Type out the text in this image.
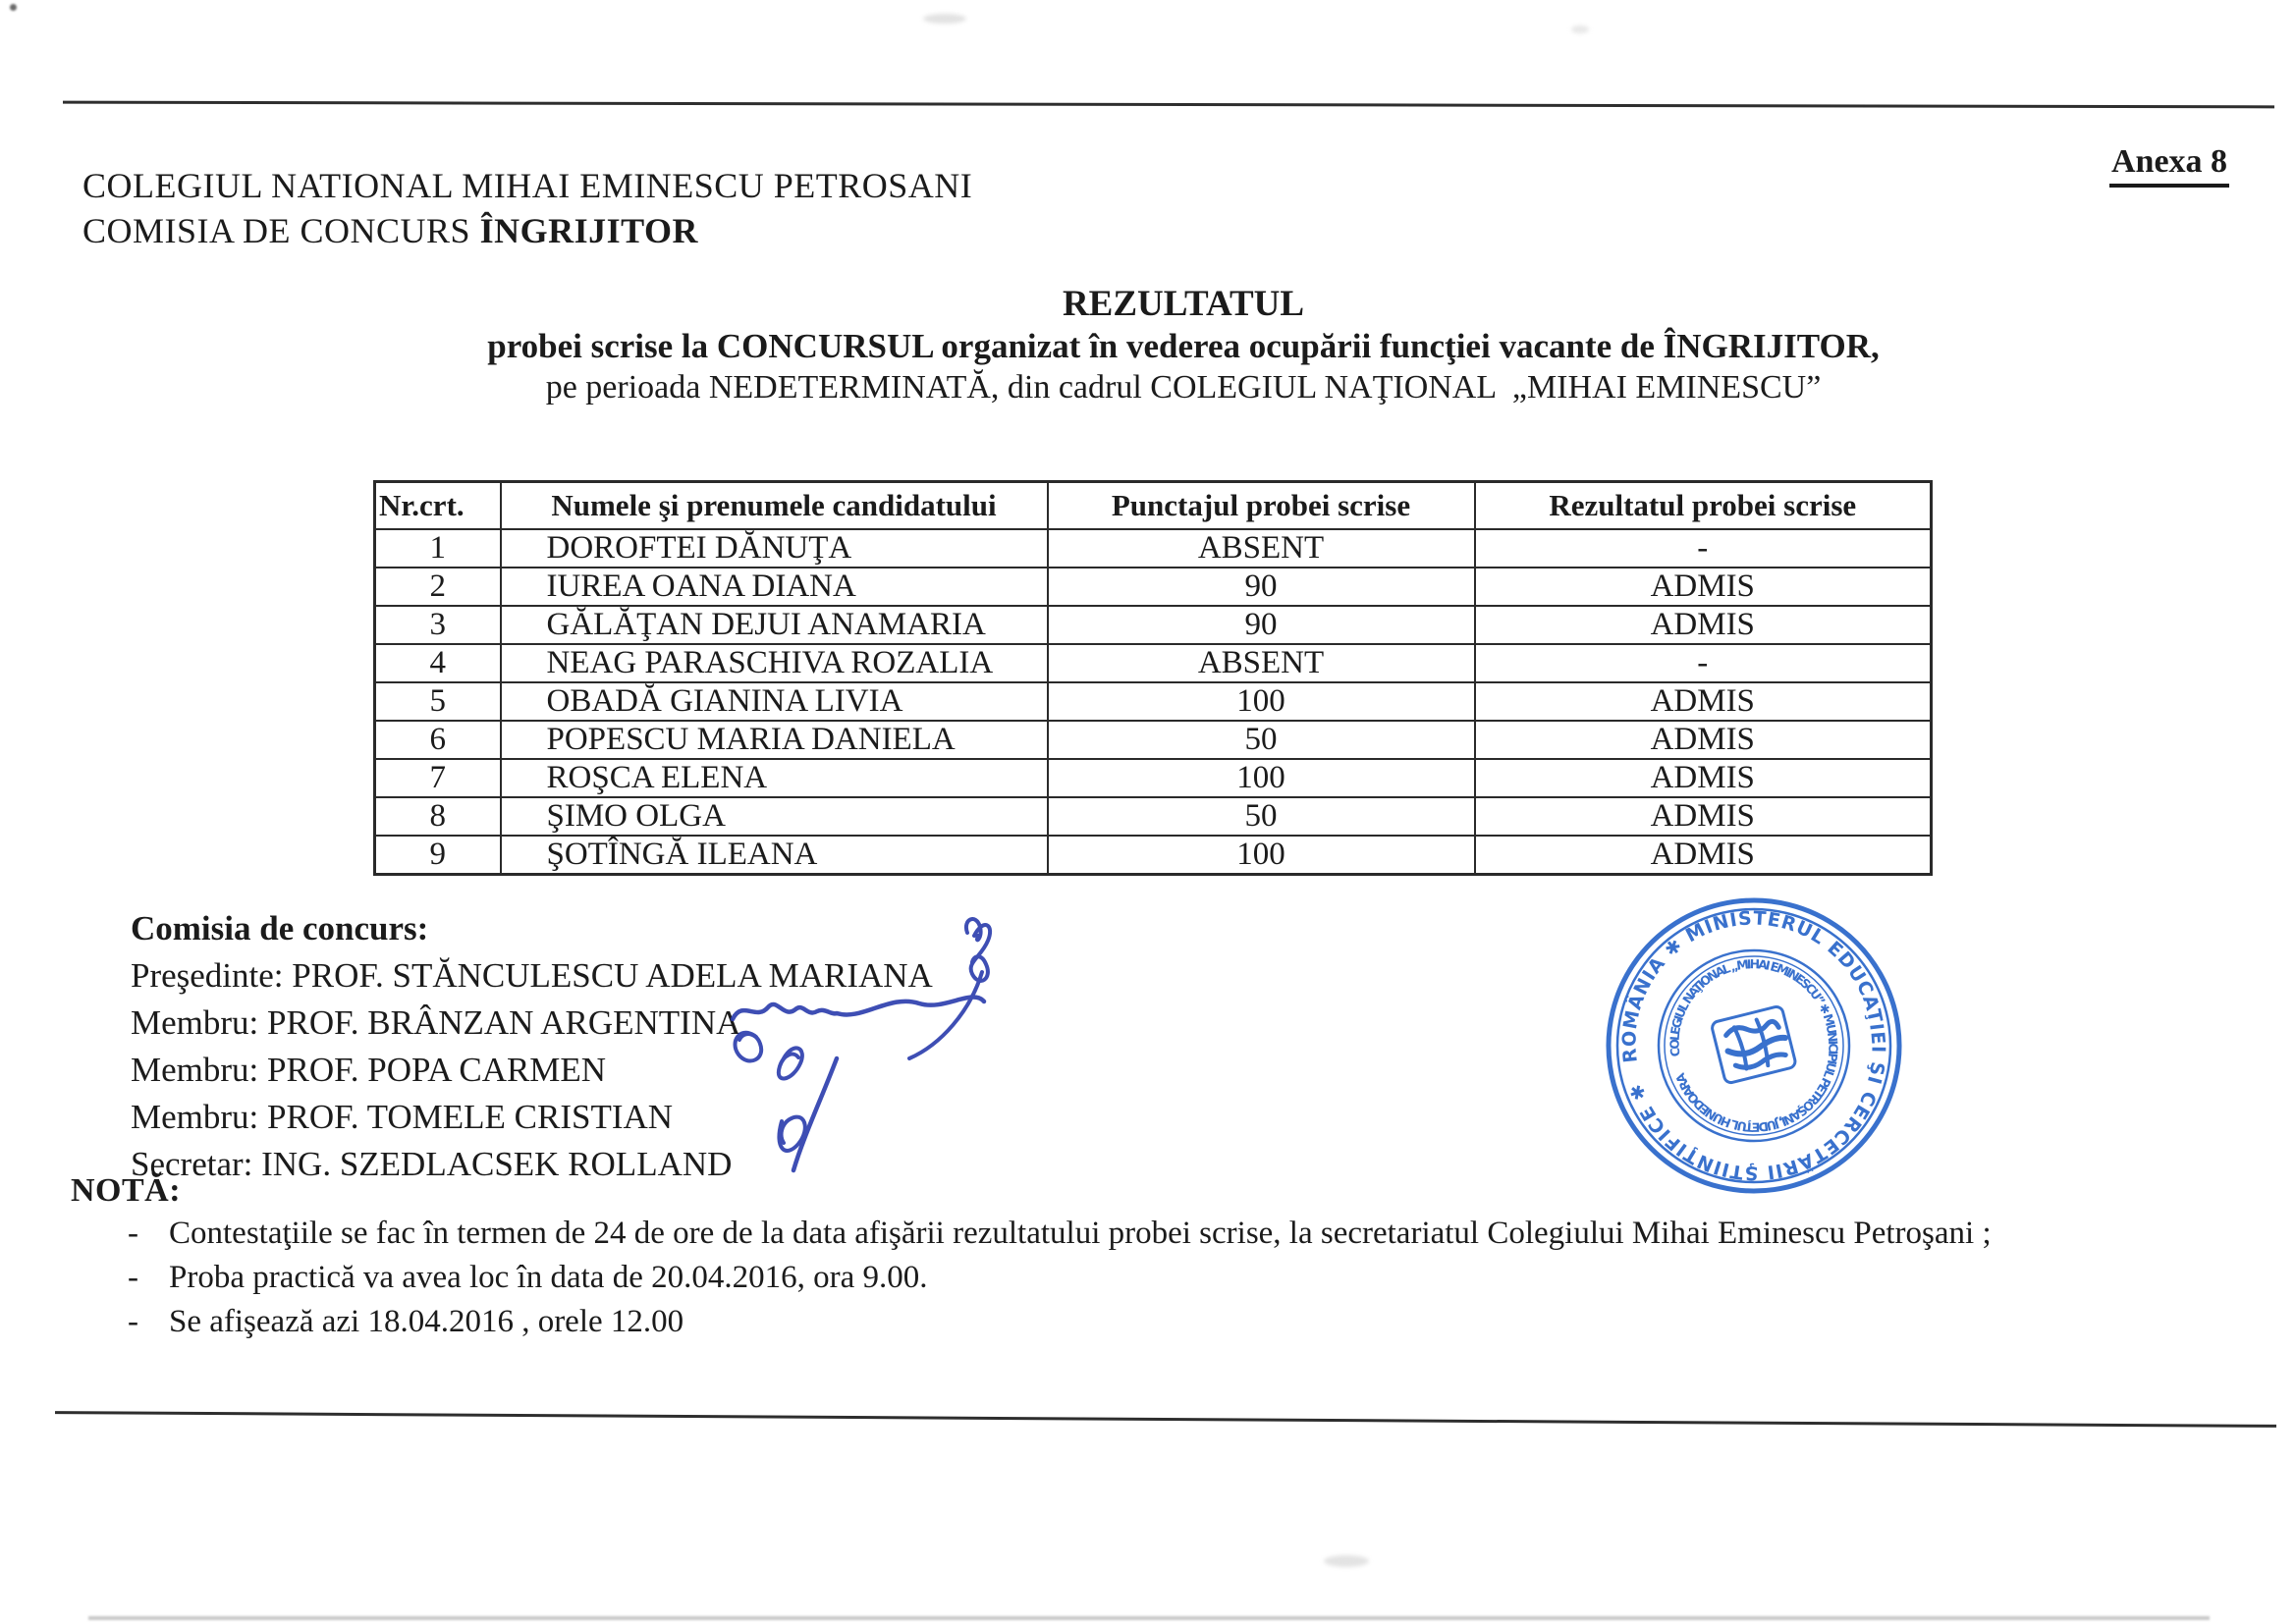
Anexa 8
COLEGIUL NATIONAL MIHAI EMINESCU PETROSANI
COMISIA DE CONCURS ÎNGRIJITOR
REZULTATUL
probei scrise la CONCURSUL organizat în vederea ocupării funcţiei vacante de ÎNGRIJITOR,
pe perioada NEDETERMINATĂ, din cadrul COLEGIUL NAŢIONAL  „MIHAI EMINESCU”
Nr.crt.	Numele şi prenumele candidatului	Punctajul probei scrise	Rezultatul probei scrise
1	DOROFTEI DĂNUŢA	ABSENT	-
2	IUREA OANA DIANA	90	ADMIS
3	GĂLĂŢAN DEJUI ANAMARIA	90	ADMIS
4	NEAG PARASCHIVA ROZALIA	ABSENT	-
5	OBADĂ GIANINA LIVIA	100	ADMIS
6	POPESCU MARIA DANIELA	50	ADMIS
7	ROŞCA ELENA	100	ADMIS
8	ŞIMO OLGA	50	ADMIS
9	ŞOTÎNGĂ ILEANA	100	ADMIS
Comisia de concurs:
Preşedinte: PROF. STĂNCULESCU ADELA MARIANA
Membru: PROF. BRÂNZAN ARGENTINA
Membru: PROF. POPA CARMEN
Membru: PROF. TOMELE CRISTIAN
Secretar: ING. SZEDLACSEK ROLLAND
ROMÂNIA ✱ MINISTERUL EDUCAŢIEI ŞI CERCETĂRII ŞTIINŢIFICE ✱
COLEGIUL NAŢIONAL „MIHAI EMINESCU” ✱ MUNICIPIUL PETROŞANI, JUDEŢUL HUNEDOARA
NOTĂ:
- Contestaţiile se fac în termen de 24 de ore de la data afişării rezultatului probei scrise, la secretariatul Colegiului Mihai Eminescu Petroşani ;
- Proba practică va avea loc în data de 20.04.2016, ora 9.00.
- Se afişează azi 18.04.2016 , orele 12.00
